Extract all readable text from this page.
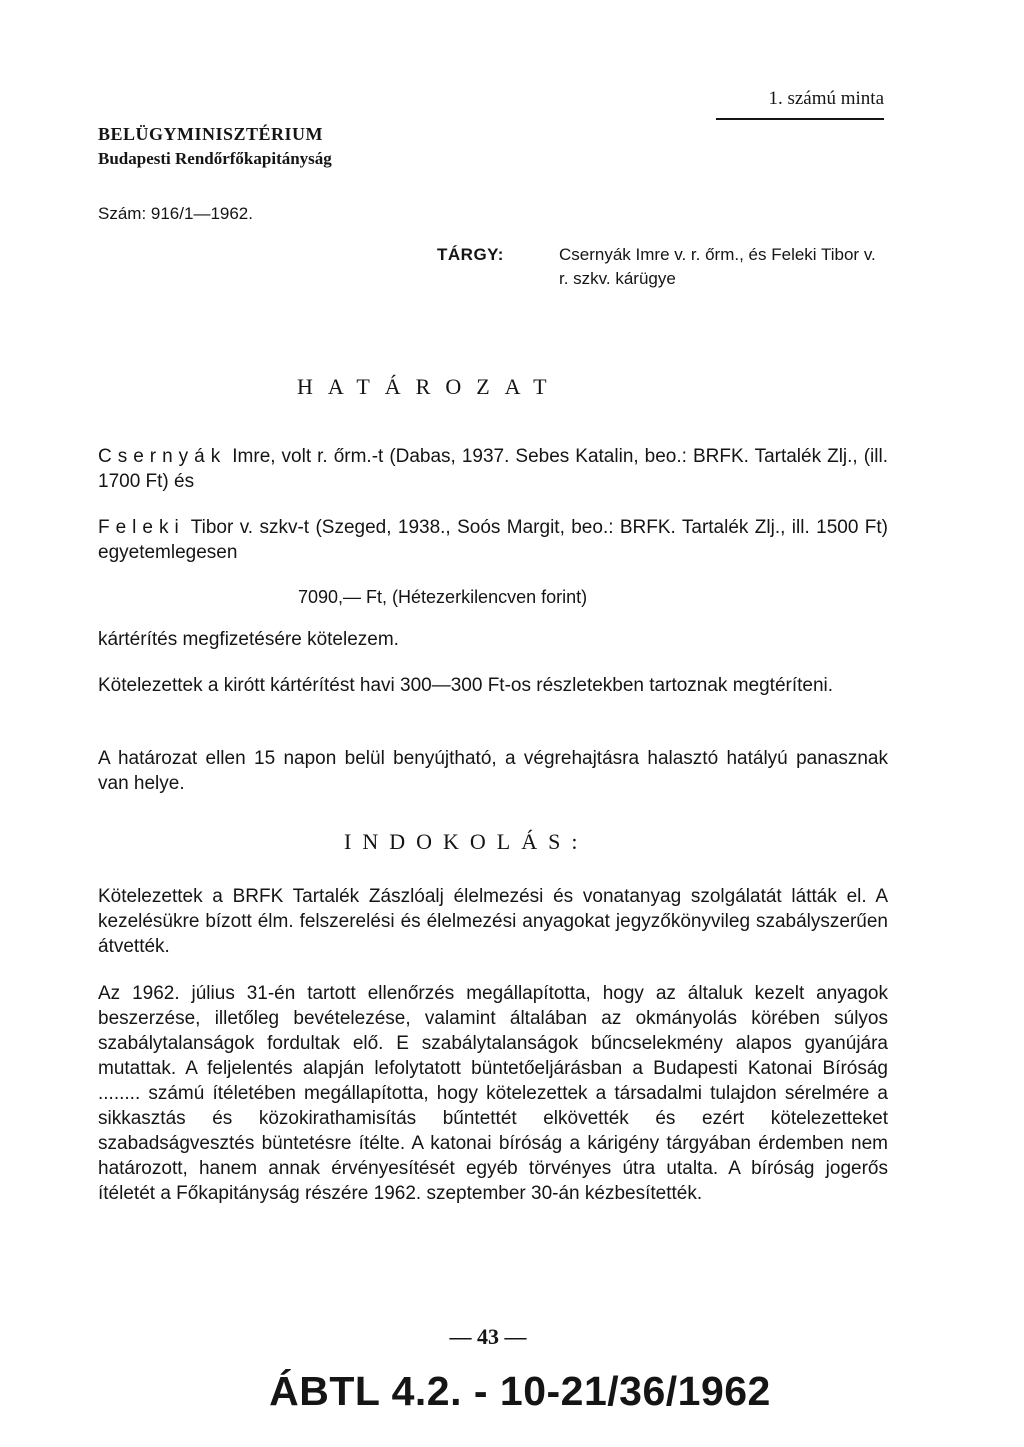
1. számú minta
BELÜGYMINISZTÉRIUM
Budapesti Rendőrfőkapitányság
Szám: 916/1—1962.
TÁRGY:	Csernyák Imre v. r. őrm., és Feleki Tibor v. r. szkv. kárügye
HATÁROZAT
Csernyák Imre, volt r. őrm.-t (Dabas, 1937. Sebes Katalin, beo.: BRFK. Tartalék Zlj., (ill. 1700 Ft) és
Feleki Tibor v. szkv-t (Szeged, 1938., Soós Margit, beo.: BRFK. Tartalék Zlj., ill. 1500 Ft) egyetemlegesen
7090,— Ft, (Hétezerkilencven forint)
kártérítés megfizetésére kötelezem.
Kötelezettek a kirótt kártérítést havi 300—300 Ft-os részletekben tartoznak megtéríteni.
A határozat ellen 15 napon belül benyújtható, a végrehajtásra halasztó hatályú panasznak van helye.
INDOKOLÁS:
Kötelezettek a BRFK Tartalék Zászlóalj élelmezési és vonatanyag szolgálatát látták el. A kezelésükre bízott élm. felszerelési és élelmezési anyagokat jegyzőkönyvileg szabályszerűen átvették.
Az 1962. július 31-én tartott ellenőrzés megállapította, hogy az általuk kezelt anyagok beszerzése, illetőleg bevételezése, valamint általában az okmányolás körében súlyos szabálytalanságok fordultak elő. E szabálytalanságok bűncselekmény alapos gyanújára mutattak. A feljelentés alapján lefolytatott büntetőeljárásban a Budapesti Katonai Bíróság ........ számú ítéletében megállapította, hogy kötelezettek a társadalmi tulajdon sérelmére a sikkasztás és közokirathamisítás bűntettét elkövették és ezért kötelezetteket szabadságvesztés büntetésre ítélte. A katonai bíróság a kárigény tárgyában érdemben nem határozott, hanem annak érvényesítését egyéb törvényes útra utalta. A bíróság jogerős ítéletét a Főkapitányság részére 1962. szeptember 30-án kézbesítették.
— 43 —
ÁBTL 4.2. - 10-21/36/1962
